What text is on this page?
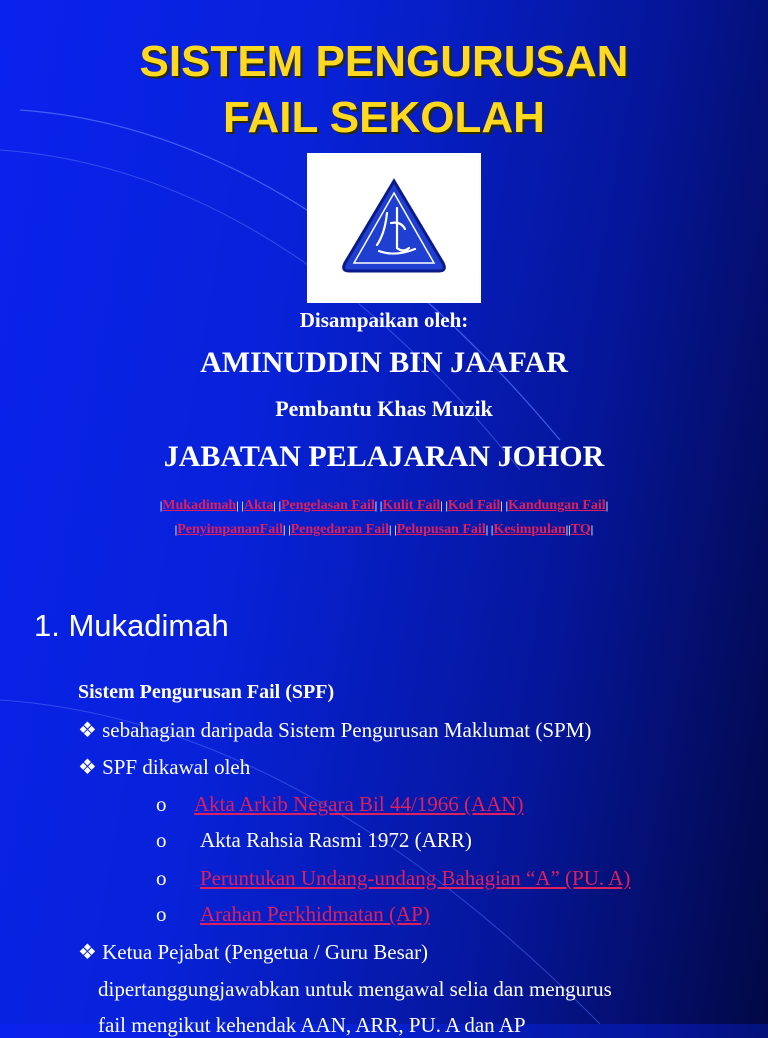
SISTEM PENGURUSAN
FAIL SEKOLAH
Disampaikan oleh:
AMINUDDIN BIN JAAFAR
Pembantu Khas Muzik
JABATAN PELAJARAN JOHOR
|Mukadimah| |Akta| |Pengelasan Fail| |Kulit Fail| |Kod Fail| |Kandungan Fail|
|PenyimpananFail| |Pengedaran Fail| |Pelupusan Fail| |Kesimpulan||TQ|
1. Mukadimah
Sistem Pengurusan Fail (SPF)
❖ sebahagian daripada Sistem Pengurusan Maklumat (SPM)
❖ SPF dikawal oleh
o Akta Arkib Negara Bil 44/1966 (AAN)
o Akta Rahsia Rasmi 1972 (ARR)
o Peruntukan Undang-undang Bahagian “A” (PU. A)
o Arahan Perkhidmatan (AP)
❖ Ketua Pejabat (Pengetua / Guru Besar)
dipertanggungjawabkan untuk mengawal selia dan mengurus
fail mengikut kehendak AAN, ARR, PU. A dan AP
